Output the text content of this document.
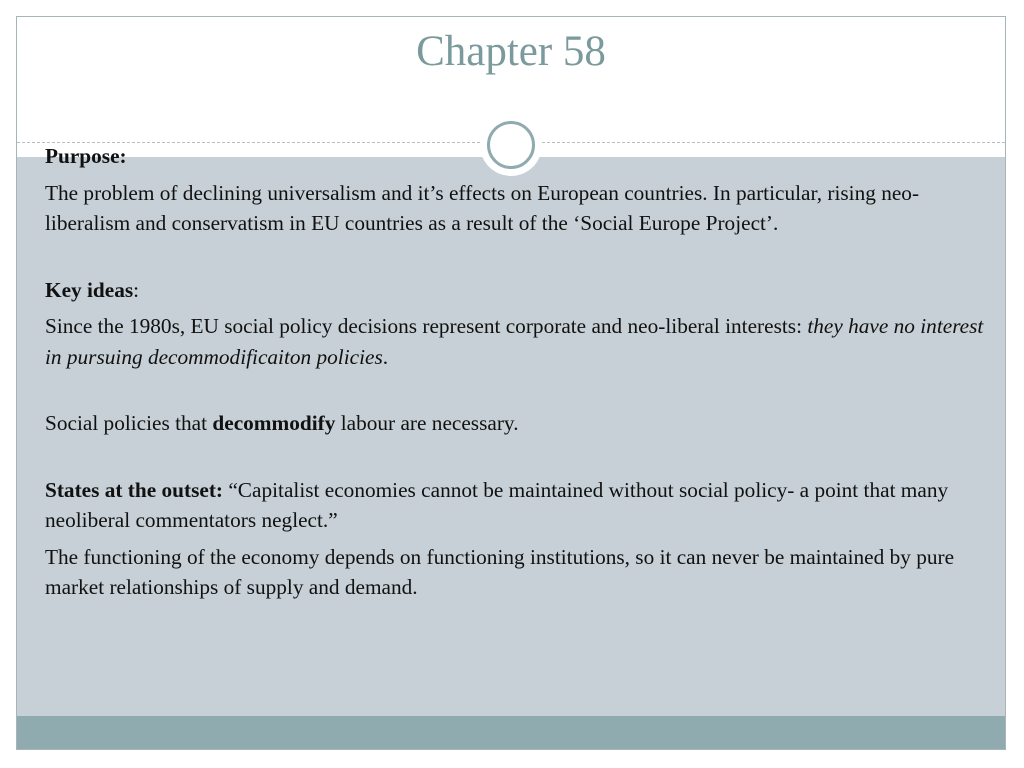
Chapter 58

Purpose:

The problem of declining universalism and it’s effects on European countries. In particular, rising neo-liberalism and conservatism in EU countries as a result of the ‘Social Europe Project’.

Key ideas:

Since the 1980s, EU social policy decisions represent corporate and neo-liberal interests: they have no interest in pursuing decommodificaiton policies.

Social policies that decommodify labour are necessary.

States at the outset: “Capitalist economies cannot be maintained without social policy- a point that many neoliberal commentators neglect.”

The functioning of the economy depends on functioning institutions, so it can never be maintained by pure market relationships of supply and demand.
